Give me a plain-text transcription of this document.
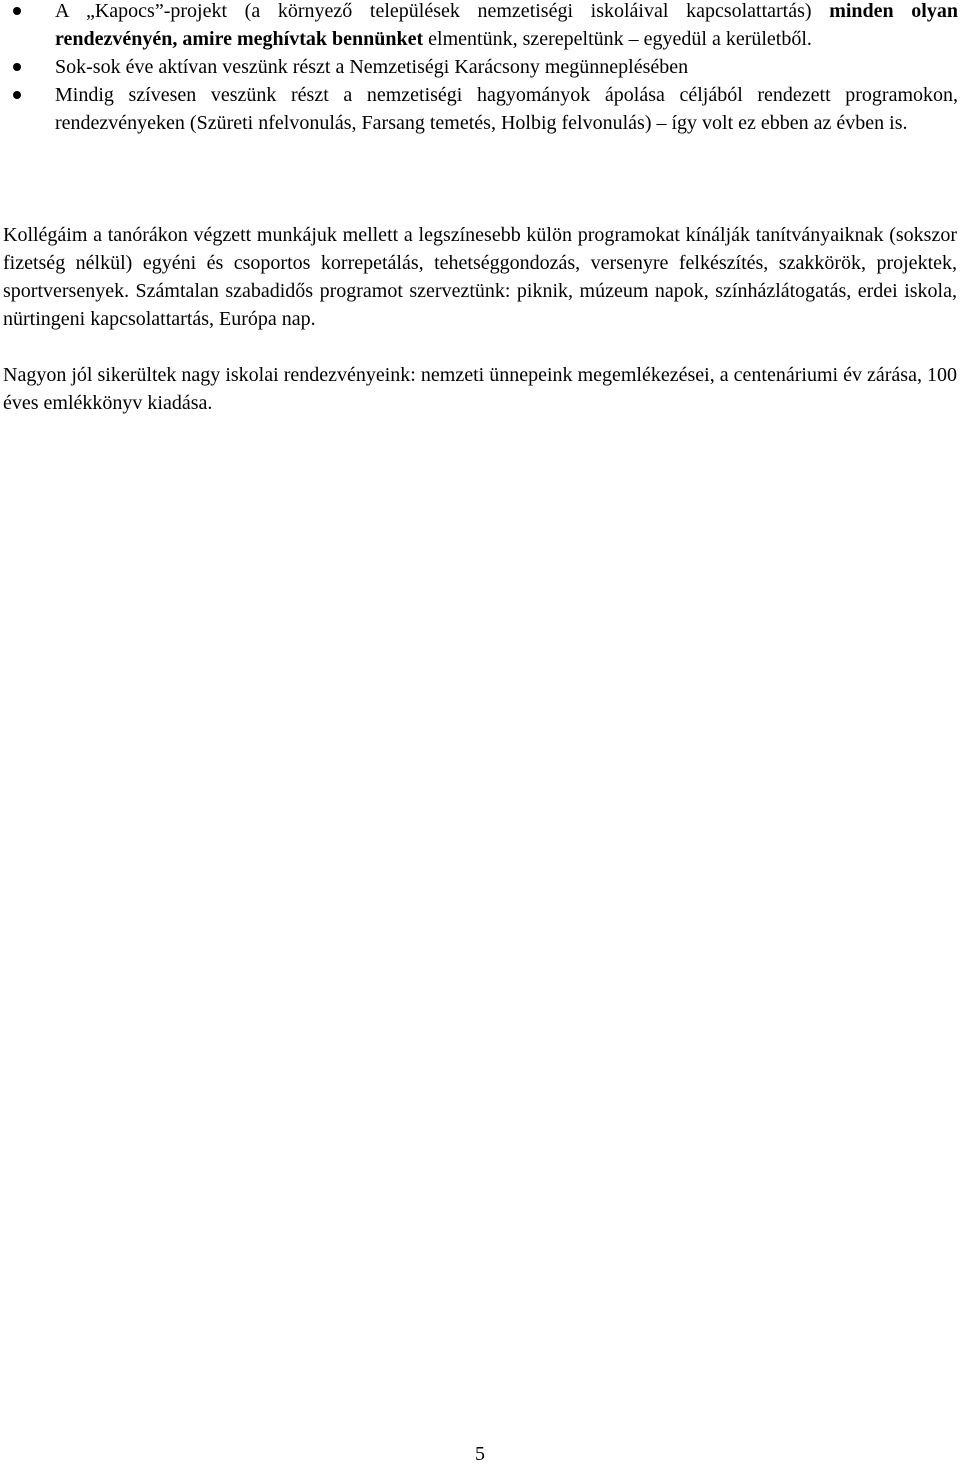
A „Kapocs”-projekt (a környező települések nemzetiségi iskoláival kapcsolattartás) minden olyan rendezvényén, amire meghívtak bennünket elmentünk, szerepeltünk – egyedül a kerületből.
Sok-sok éve aktívan veszünk részt a Nemzetiségi Karácsony megünneplésében
Mindig szívesen veszünk részt a nemzetiségi hagyományok ápolása céljából rendezett programokon, rendezvényeken (Szüreti nfelvonulás, Farsang temetés, Holbig felvonulás) – így volt ez ebben az évben is.

Kollégáim a tanórákon végzett munkájuk mellett a legszínesebb külön programokat kínálják tanítványaiknak (sokszor fizetség nélkül) egyéni és csoportos korrepetálás, tehetséggondozás, versenyre felkészítés, szakkörök, projektek, sportversenyek. Számtalan szabadidős programot szerveztünk: piknik, múzeum napok, színházlátogatás, erdei iskola, nürtingeni kapcsolattartás, Európa nap.

Nagyon jól sikerültek nagy iskolai rendezvényeink: nemzeti ünnepeink megemlékezései, a centenáriumi év zárása, 100 éves emlékkönyv kiadása.

5
